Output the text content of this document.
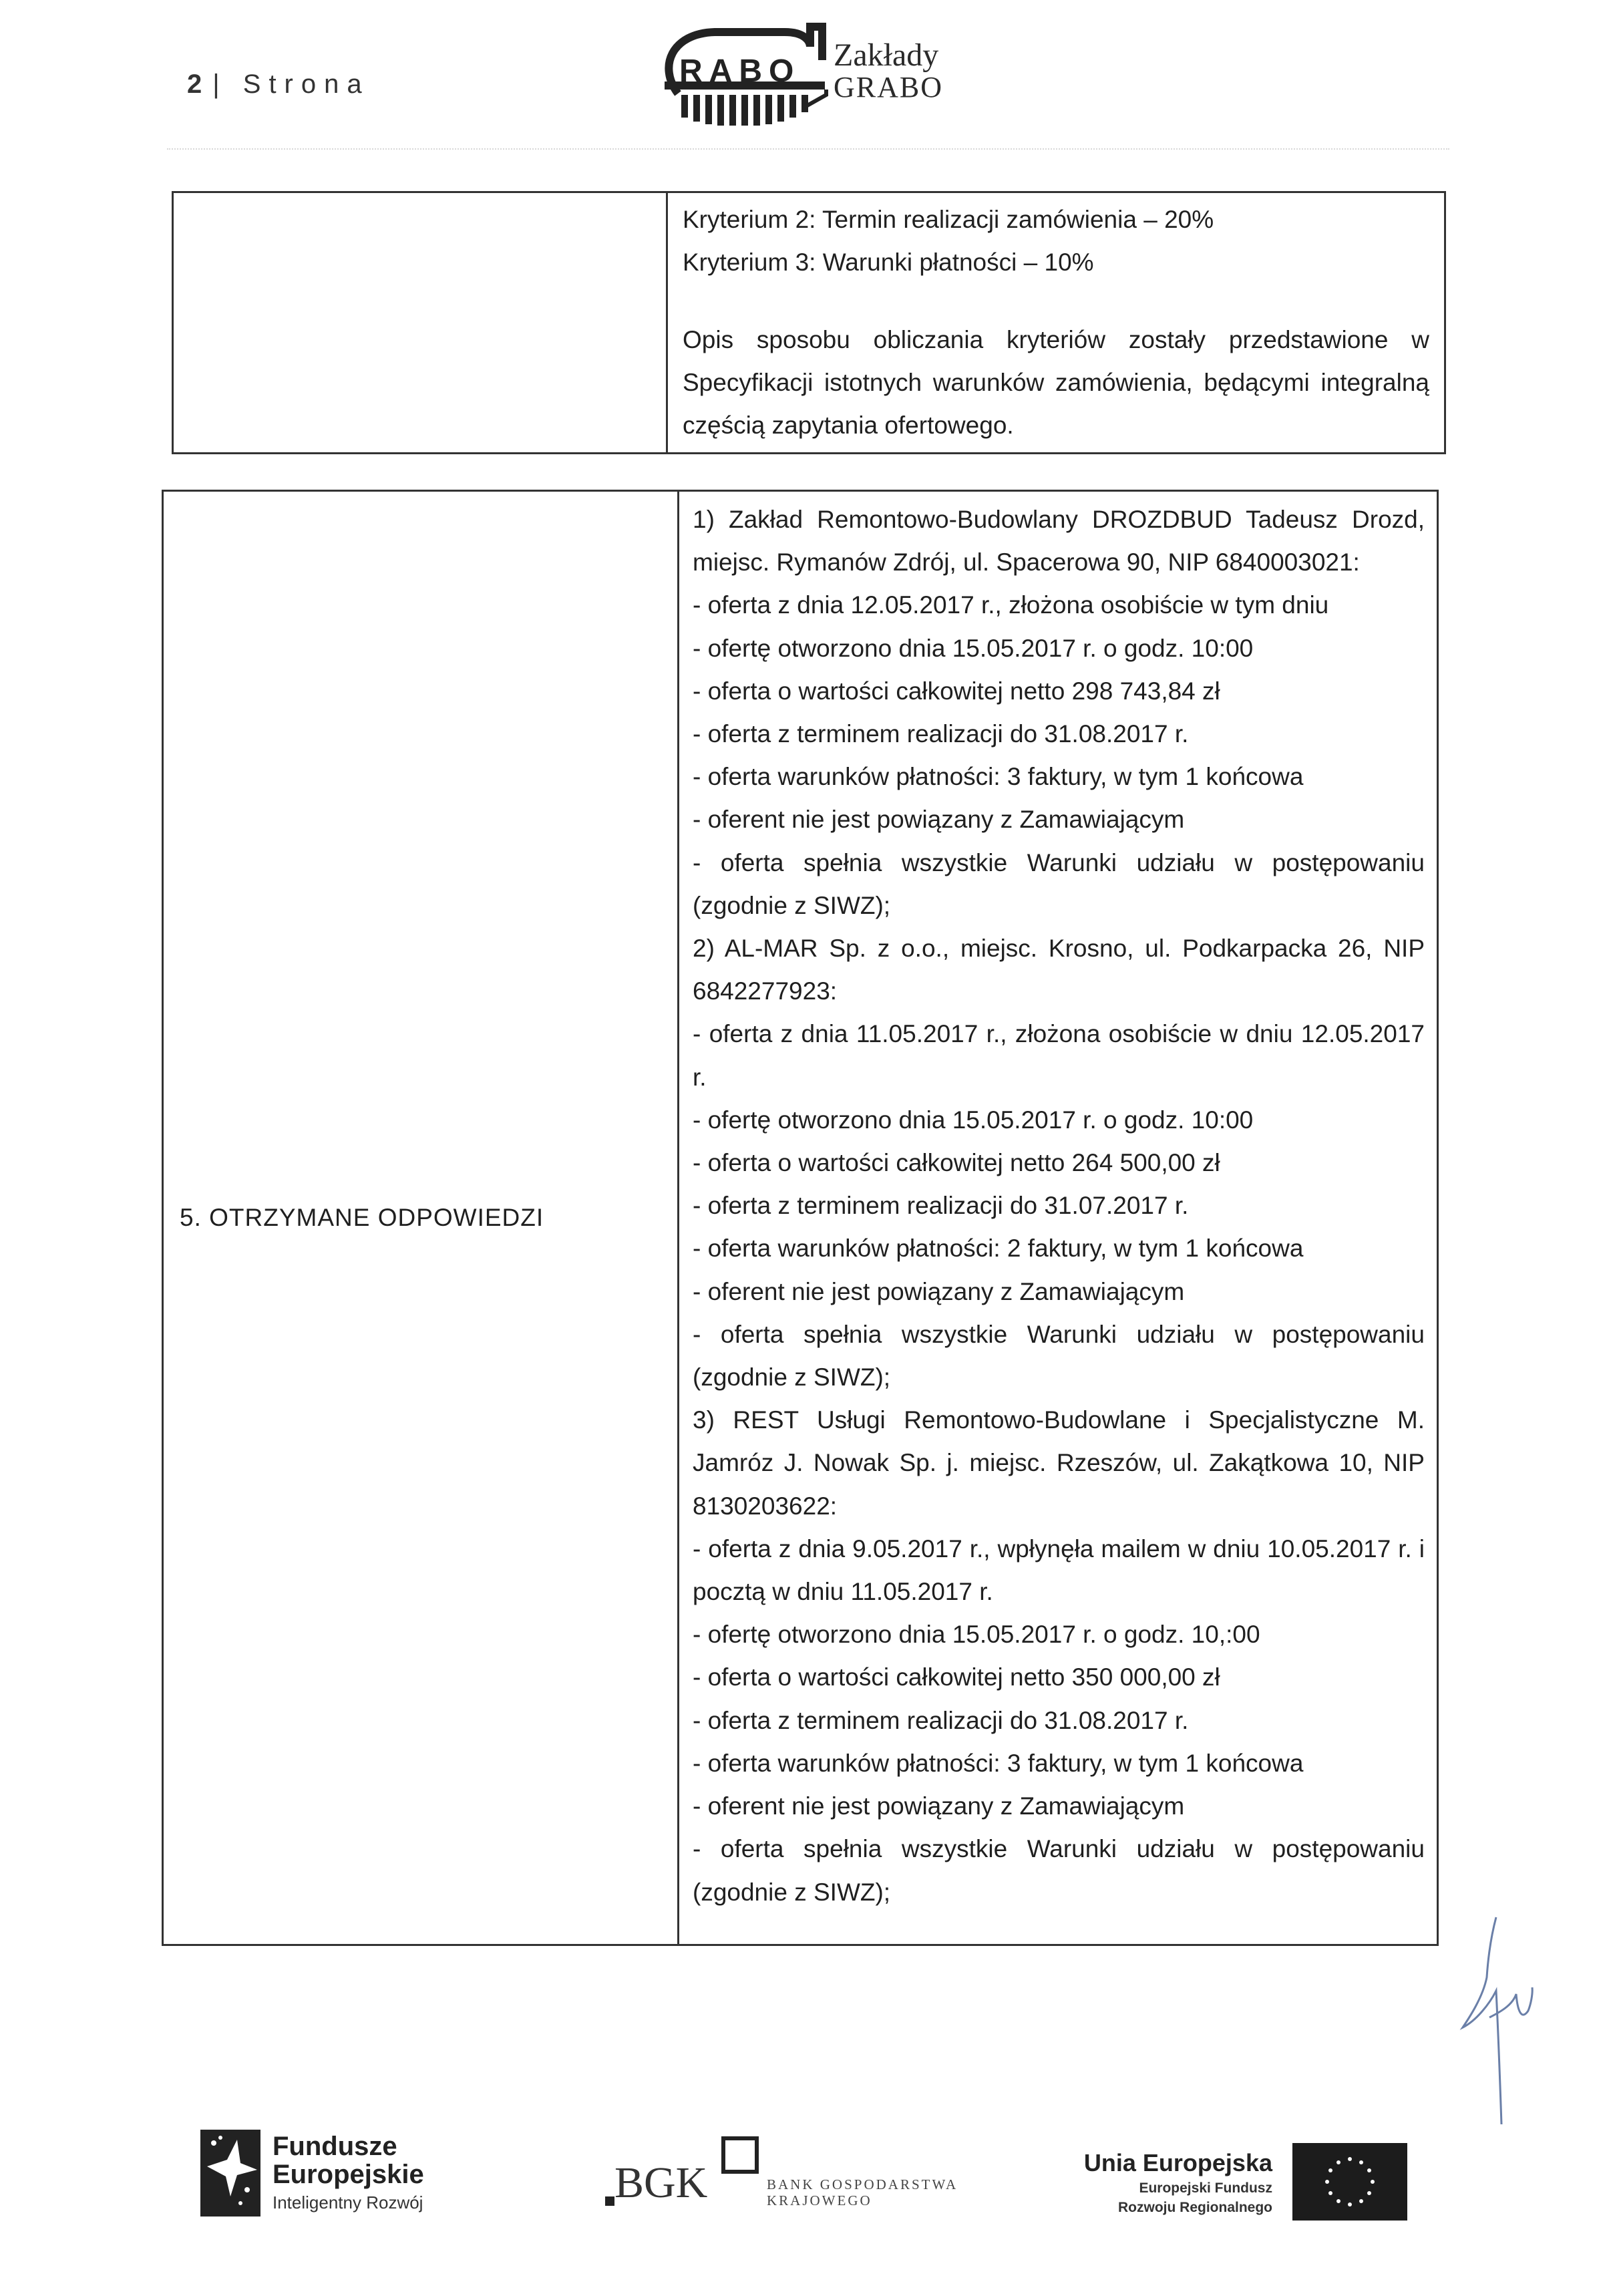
2 | Strona	RABO Zakłady
GRABO

Kryterium 2: Termin realizacji zamówienia – 20%
Kryterium 3: Warunki płatności – 10%
Opis sposobu obliczania kryteriów zostały przedstawione w Specyfikacji istotnych warunków zamówienia, będącymi integralną częścią zapytania ofertowego.
5. OTRZYMANE ODPOWIEDZI	
1) Zakład Remontowo-Budowlany DROZDBUD Tadeusz Drozd, miejsc. Rymanów Zdrój, ul. Spacerowa 90, NIP 6840003021:
- oferta z dnia 12.05.2017 r., złożona osobiście w tym dniu
- ofertę otworzono dnia 15.05.2017 r. o godz. 10:00
- oferta o wartości całkowitej netto 298 743,84 zł
- oferta z terminem realizacji do 31.08.2017 r.
- oferta warunków płatności: 3 faktury, w tym 1 końcowa
- oferent nie jest powiązany z Zamawiającym
- oferta spełnia wszystkie Warunki udziału w postępowaniu (zgodnie z SIWZ);
2) AL-MAR Sp. z o.o., miejsc. Krosno, ul. Podkarpacka 26, NIP 6842277923:
- oferta z dnia 11.05.2017 r., złożona osobiście w dniu 12.05.2017 r.
- ofertę otworzono dnia 15.05.2017 r. o godz. 10:00
- oferta o wartości całkowitej netto 264 500,00 zł
- oferta z terminem realizacji do 31.07.2017 r.
- oferta warunków płatności: 2 faktury, w tym 1 końcowa
- oferent nie jest powiązany z Zamawiającym
- oferta spełnia wszystkie Warunki udziału w postępowaniu (zgodnie z SIWZ);
3) REST Usługi Remontowo-Budowlane i Specjalistyczne M. Jamróz J. Nowak Sp. j. miejsc. Rzeszów, ul. Zakątkowa 10, NIP 8130203622:
- oferta z dnia 9.05.2017 r., wpłynęła mailem w dniu 10.05.2017 r. i pocztą w dniu 11.05.2017 r.
- ofertę otworzono dnia 15.05.2017 r. o godz. 10,:00
- oferta o wartości całkowitej netto 350 000,00 zł
- oferta z terminem realizacji do 31.08.2017 r.
- oferta warunków płatności: 3 faktury, w tym 1 końcowa
- oferent nie jest powiązany z Zamawiającym
- oferta spełnia wszystkie Warunki udziału w postępowaniu (zgodnie z SIWZ);
Fundusze
Europejskie
Inteligentny Rozwój	BGK	BANK GOSPODARSTWA
KRAJOWEGO
Unia Europejska
Europejski Fundusz
Rozwoju Regionalnego
